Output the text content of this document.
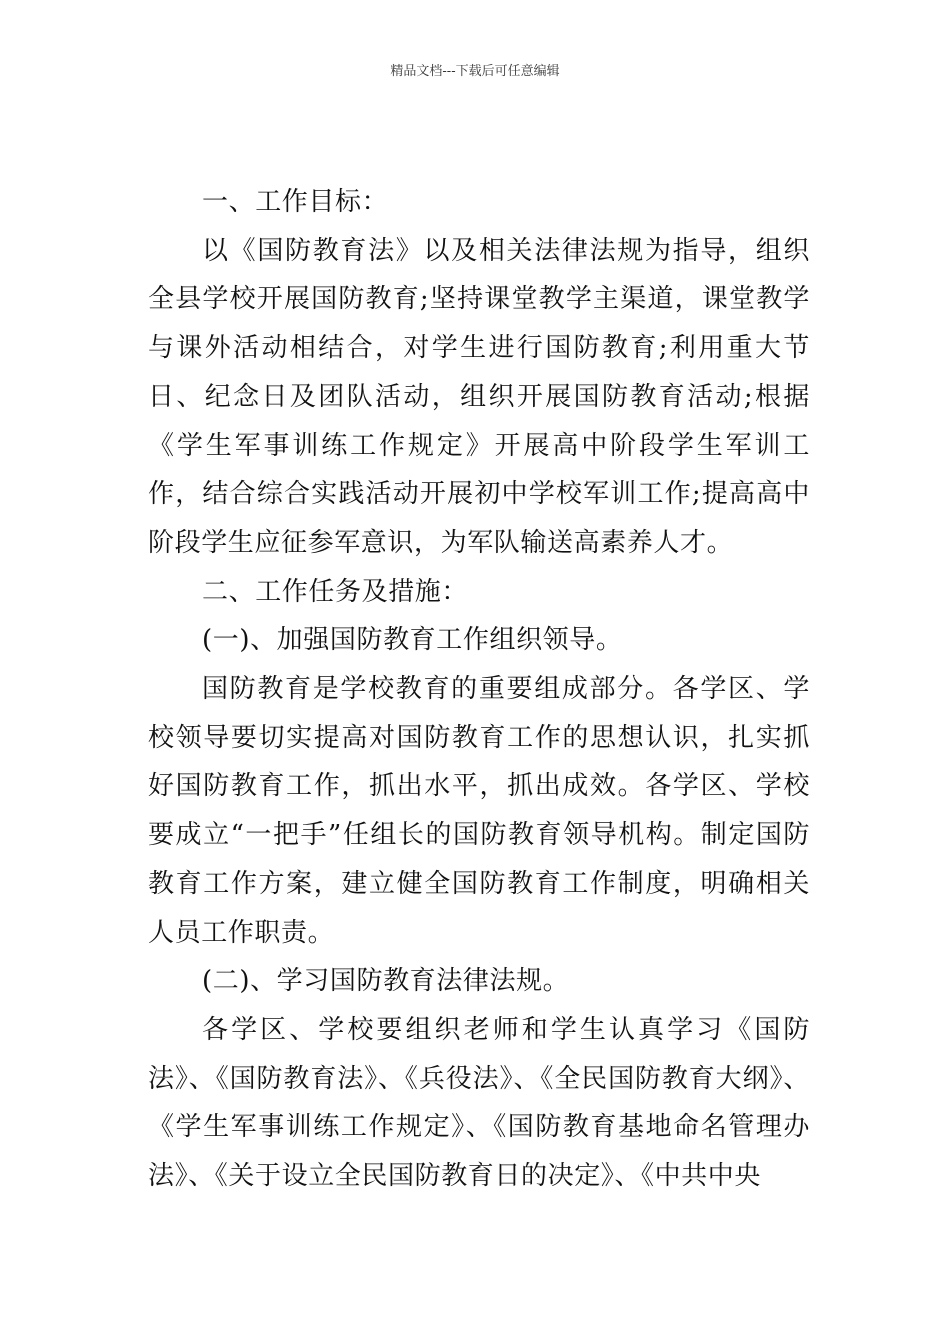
精品文档---下载后可任意编辑

一、工作目标：

以《国防教育法》以及相关法律法规为指导，组织全县学校开展国防教育;坚持课堂教学主渠道，课堂教学与课外活动相结合，对学生进行国防教育;利用重大节日、纪念日及团队活动，组织开展国防教育活动;根据《学生军事训练工作规定》开展高中阶段学生军训工作，结合综合实践活动开展初中学校军训工作;提高高中阶段学生应征参军意识，为军队输送高素养人才。

二、工作任务及措施：

(一)、加强国防教育工作组织领导。

国防教育是学校教育的重要组成部分。各学区、学校领导要切实提高对国防教育工作的思想认识，扎实抓好国防教育工作，抓出水平，抓出成效。各学区、学校要成立“一把手”任组长的国防教育领导机构。制定国防教育工作方案，建立健全国防教育工作制度，明确相关人员工作职责。

(二)、学习国防教育法律法规。

各学区、学校要组织老师和学生认真学习《国防法》、《国防教育法》、《兵役法》、《全民国防教育大纲》、《学生军事训练工作规定》、《国防教育基地命名管理办法》、《关于设立全民国防教育日的决定》、《中共中央
